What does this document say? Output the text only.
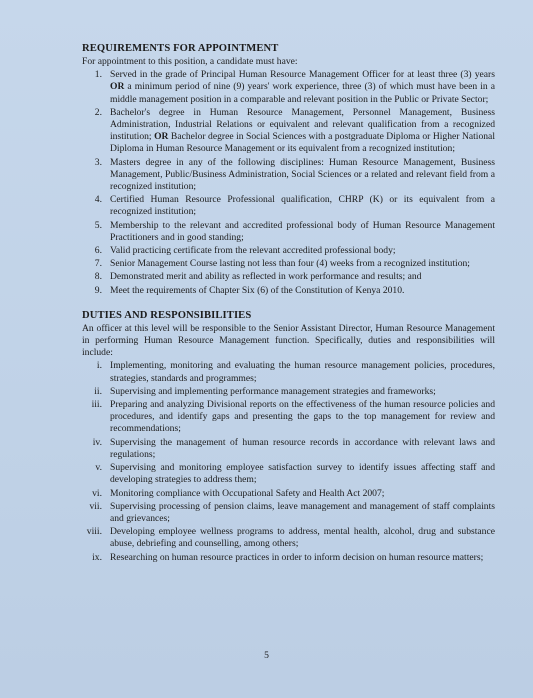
REQUIREMENTS FOR APPOINTMENT
For appointment to this position, a candidate must have:
1. Served in the grade of Principal Human Resource Management Officer for at least three (3) years OR a minimum period of nine (9) years' work experience, three (3) of which must have been in a middle management position in a comparable and relevant position in the Public or Private Sector;
2. Bachelor's degree in Human Resource Management, Personnel Management, Business Administration, Industrial Relations or equivalent and relevant qualification from a recognized institution; OR Bachelor degree in Social Sciences with a postgraduate Diploma or Higher National Diploma in Human Resource Management or its equivalent from a recognized institution;
3. Masters degree in any of the following disciplines: Human Resource Management, Business Management, Public/Business Administration, Social Sciences or a related and relevant field from a recognized institution;
4. Certified Human Resource Professional qualification, CHRP (K) or its equivalent from a recognized institution;
5. Membership to the relevant and accredited professional body of Human Resource Management Practitioners and in good standing;
6. Valid practicing certificate from the relevant accredited professional body;
7. Senior Management Course lasting not less than four (4) weeks from a recognized institution;
8. Demonstrated merit and ability as reflected in work performance and results; and
9. Meet the requirements of Chapter Six (6) of the Constitution of Kenya 2010.
DUTIES AND RESPONSIBILITIES
An officer at this level will be responsible to the Senior Assistant Director, Human Resource Management in performing Human Resource Management function. Specifically, duties and responsibilities will include:
i. Implementing, monitoring and evaluating the human resource management policies, procedures, strategies, standards and programmes;
ii. Supervising and implementing performance management strategies and frameworks;
iii. Preparing and analyzing Divisional reports on the effectiveness of the human resource policies and procedures, and identify gaps and presenting the gaps to the top management for review and recommendations;
iv. Supervising the management of human resource records in accordance with relevant laws and regulations;
v. Supervising and monitoring employee satisfaction survey to identify issues affecting staff and developing strategies to address them;
vi. Monitoring compliance with Occupational Safety and Health Act 2007;
vii. Supervising processing of pension claims, leave management and management of staff complaints and grievances;
viii. Developing employee wellness programs to address, mental health, alcohol, drug and substance abuse, debriefing and counselling, among others;
ix. Researching on human resource practices in order to inform decision on human resource matters;
5
